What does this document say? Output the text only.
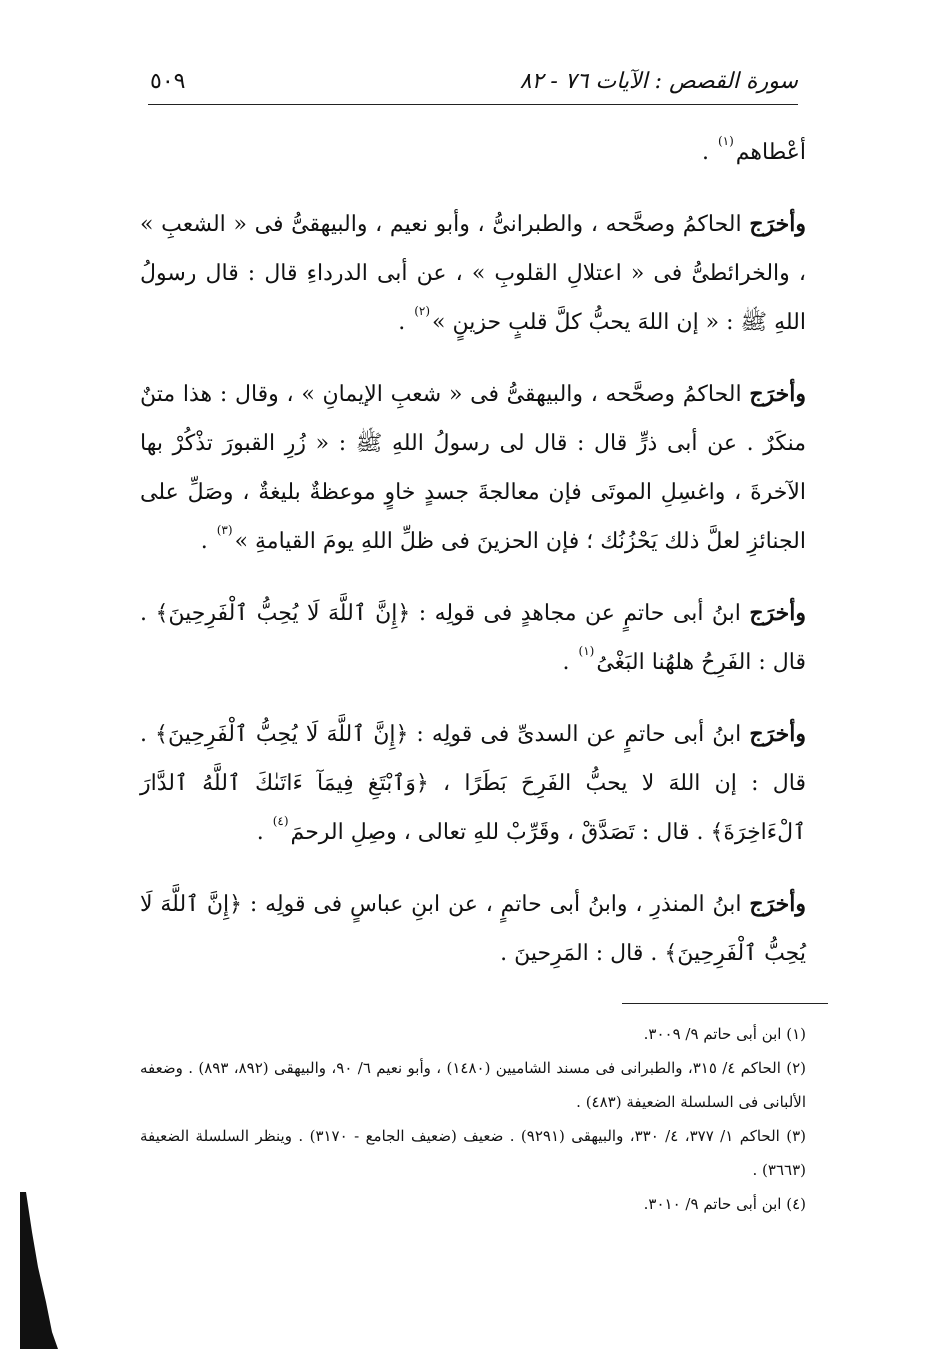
٥٠٩	سورة القصص : الآيات ٧٦ - ٨٢

أعْطاهم$^{(١)}$ .

وأخرَج الحاكمُ وصحَّحه ، والطبرانىُّ ، وأبو نعيم ، والبيهقىُّ فى « الشعبِ » ، والخرائطىُّ فى « اعتلالِ القلوبِ » ، عن أبى الدرداءِ قال : قال رسولُ اللهِ ﷺ : « إن اللهَ يحبُّ كلَّ قلبٍ حزينٍ »$^{(٢)}$ .

وأخرَج الحاكمُ وصحَّحه ، والبيهقىُّ فى « شعبِ الإيمانِ » ، وقال : هذا متنٌ منكَرٌ . عن أبى ذرٍّ قال : قال لى رسولُ اللهِ ﷺ : « زُرِ القبورَ تذْكُرْ بها الآخرةَ ، واغسِلِ الموتَى فإن معالجةَ جسدٍ خاوٍ موعظةٌ بليغةٌ ، وصَلِّ على الجنائزِ لعلَّ ذلك يَحْزُنُك ؛ فإن الحزينَ فى ظلِّ اللهِ يومَ القيامةِ »$^{(٣)}$ .

وأخرَج ابنُ أبى حاتمٍ عن مجاهدٍ فى قولِه : ﴿إِنَّ ٱللَّهَ لَا يُحِبُّ ٱلْفَرِحِينَ﴾ . قال : الفَرِحُ هلهُنا البَغْىُ$^{(١)}$ .

وأخرَج ابنُ أبى حاتمٍ عن السدىِّ فى قولِه : ﴿إِنَّ ٱللَّهَ لَا يُحِبُّ ٱلْفَرِحِينَ﴾ . قال : إن اللهَ لا يحبُّ الفَرِحَ بَطَرًا ، ﴿وَٱبْتَغِ فِيمَآ ءَاتَىٰكَ ٱللَّهُ ٱلدَّارَ ٱلْءَاخِرَةَ﴾ . قال : تَصَدَّقْ ، وقَرِّبْ للهِ تعالى ، وصِلِ الرحمَ$^{(٤)}$ .

وأخرَج ابنُ المنذرِ ، وابنُ أبى حاتمٍ ، عن ابنِ عباسٍ فى قولِه : ﴿إِنَّ ٱللَّهَ لَا يُحِبُّ ٱلْفَرِحِينَ﴾ . قال : المَرِحينَ .

(١) ابن أبى حاتم ٩/ ٣٠٠٩.
(٢) الحاكم ٤/ ٣١٥، والطبرانى فى مسند الشاميين (١٤٨٠) ، وأبو نعيم ٦/ ٩٠، والبيهقى (٨٩٢، ٨٩٣) . وضعفه الألبانى فى السلسلة الضعيفة (٤٨٣) .
(٣) الحاكم ١/ ٣٧٧، ٤/ ٣٣٠، والبيهقى (٩٢٩١) . ضعيف (ضعيف الجامع - ٣١٧٠) . وينظر السلسلة الضعيفة (٣٦٦٣) .
(٤) ابن أبى حاتم ٩/ ٣٠١٠.
